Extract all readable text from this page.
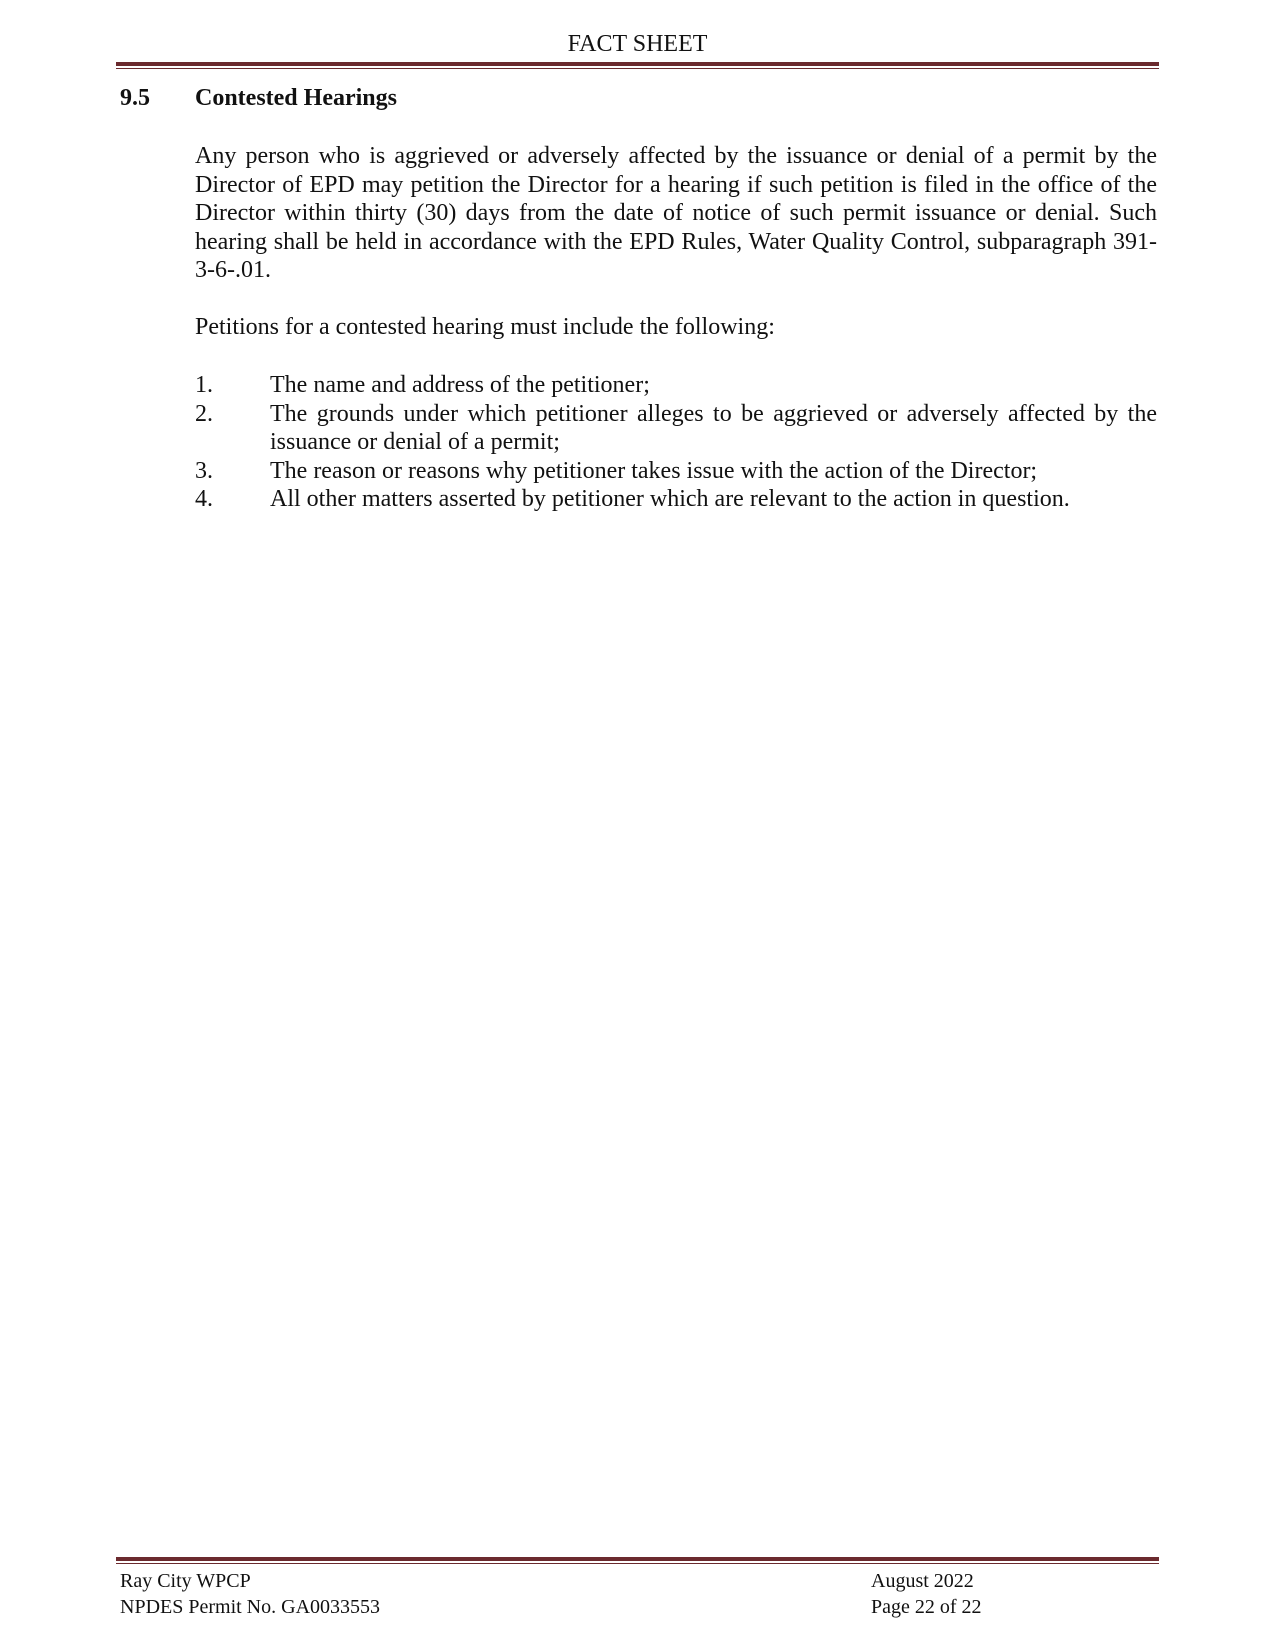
FACT SHEET
9.5 Contested Hearings
Any person who is aggrieved or adversely affected by the issuance or denial of a permit by the Director of EPD may petition the Director for a hearing if such petition is filed in the office of the Director within thirty (30) days from the date of notice of such permit issuance or denial. Such hearing shall be held in accordance with the EPD Rules, Water Quality Control, subparagraph 391-3-6-.01.
Petitions for a contested hearing must include the following:
1. The name and address of the petitioner;
2. The grounds under which petitioner alleges to be aggrieved or adversely affected by the issuance or denial of a permit;
3. The reason or reasons why petitioner takes issue with the action of the Director;
4. All other matters asserted by petitioner which are relevant to the action in question.
Ray City WPCP
NPDES Permit No. GA0033553
August 2022
Page 22 of 22
